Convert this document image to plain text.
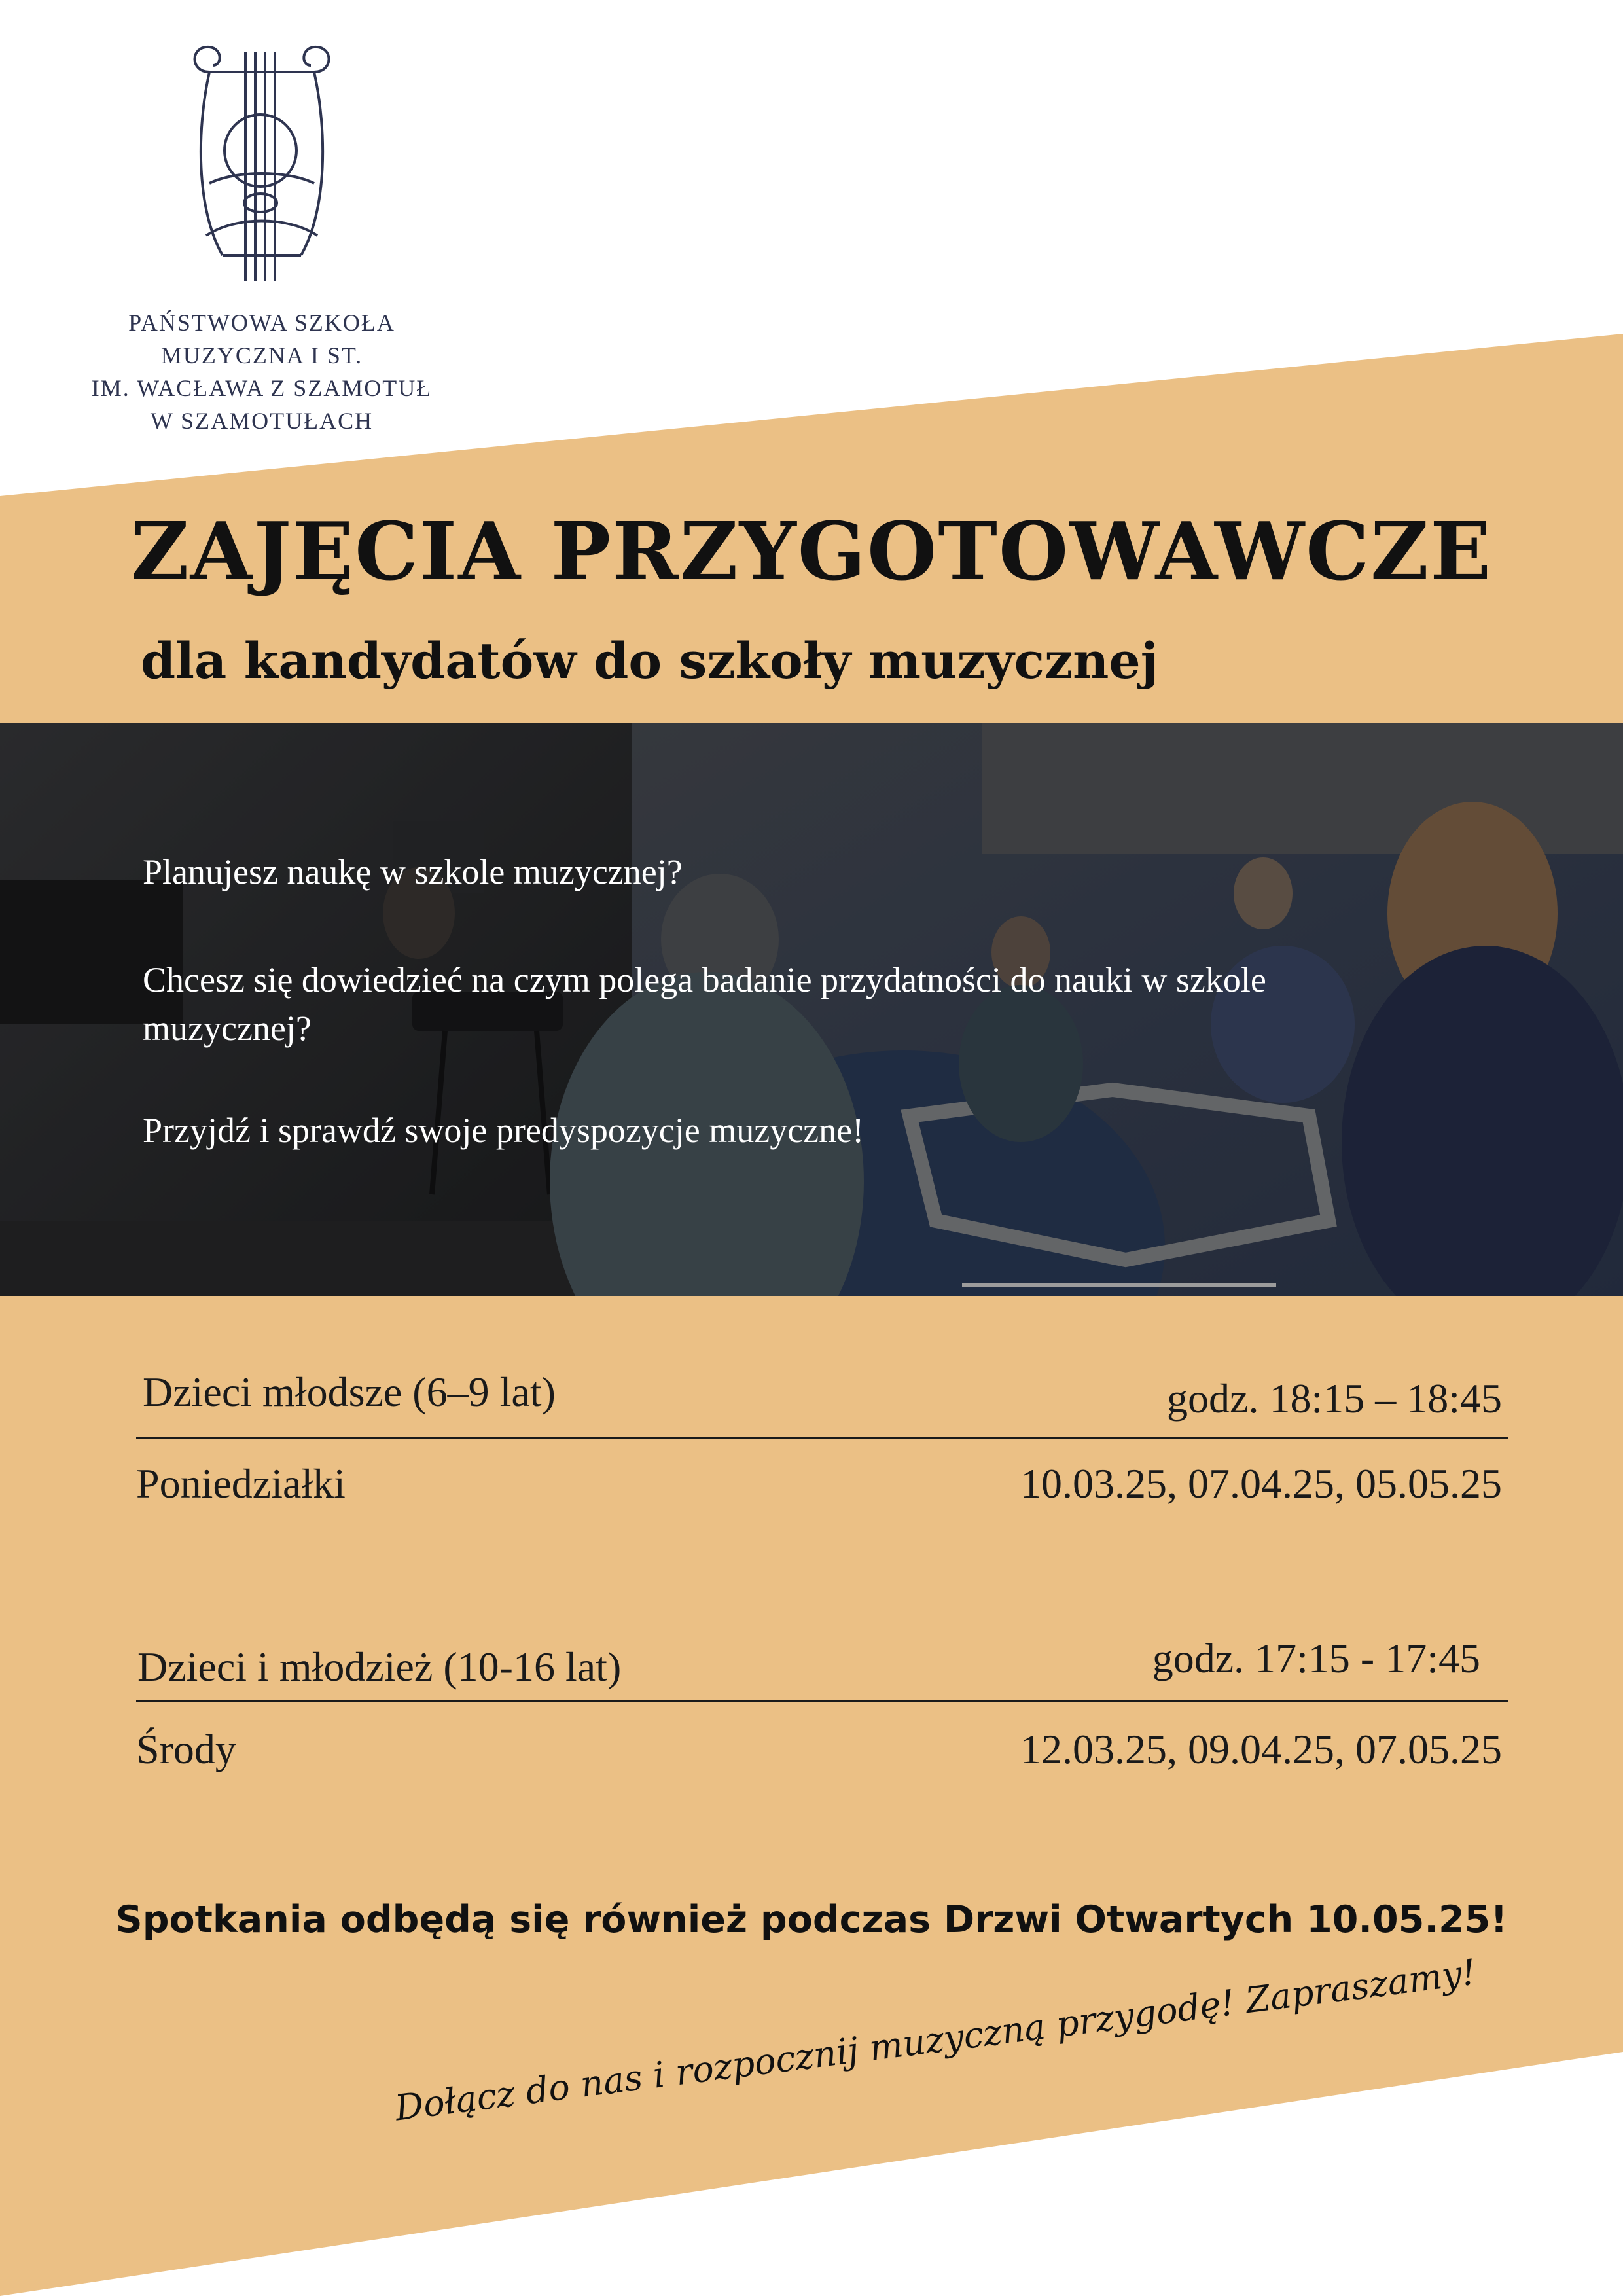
PAŃSTWOWA SZKOŁA
MUZYCZNA I ST.
IM. WACŁAWA Z SZAMOTUŁ
W SZAMOTUŁACH
ZAJĘCIA PRZYGOTOWAWCZE
dla kandydatów do szkoły muzycznej
Planujesz naukę w szkole muzycznej?
Chcesz się dowiedzieć na czym polega badanie przydatności do nauki w szkole muzycznej?
Przyjdź i sprawdź swoje predyspozycje muzyczne!
Dzieci młodsze (6–9 lat)	godz. 18:15 – 18:45
Poniedziałki	10.03.25, 07.04.25, 05.05.25
Dzieci i młodzież (10-16 lat)	godz. 17:15 - 17:45
Środy	12.03.25, 09.04.25, 07.05.25
Spotkania odbędą się również podczas Drzwi Otwartych 10.05.25!
Dołącz do nas i rozpocznij muzyczną przygodę! Zapraszamy!
